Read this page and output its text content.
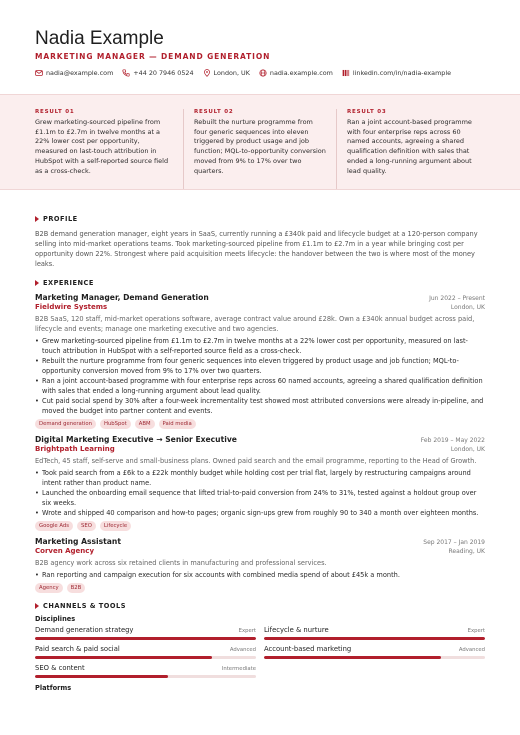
Nadia Example
MARKETING MANAGER — DEMAND GENERATION
nadia@example.com	+44 20 7946 0524	London, UK	nadia.example.com	linkedin.com/in/nadia-example
RESULT 01
Grew marketing-sourced pipeline from £1.1m to £2.7m in twelve months at a 22% lower cost per opportunity, measured on last-touch attribution in HubSpot with a self-reported source field as a cross-check.
RESULT 02
Rebuilt the nurture programme from four generic sequences into eleven triggered by product usage and job function; MQL-to-opportunity conversion moved from 9% to 17% over two quarters.
RESULT 03
Ran a joint account-based programme with four enterprise reps across 60 named accounts, agreeing a shared qualification definition with sales that ended a long-running argument about lead quality.
PROFILE
B2B demand generation manager, eight years in SaaS, currently running a £340k paid and lifecycle budget at a 120-person company selling into mid-market operations teams. Took marketing-sourced pipeline from £1.1m to £2.7m in a year while bringing cost per opportunity down 22%. Strongest where paid acquisition meets lifecycle: the handover between the two is where most of the money leaks.
EXPERIENCE
Marketing Manager, Demand Generation	Jun 2022 – Present
Fieldwire Systems	London, UK
B2B SaaS, 120 staff, mid-market operations software, average contract value around £28k. Own a £340k annual budget across paid, lifecycle and events; manage one marketing executive and two agencies.
• Grew marketing-sourced pipeline from £1.1m to £2.7m in twelve months at a 22% lower cost per opportunity, measured on last-touch attribution in HubSpot with a self-reported source field as a cross-check.
• Rebuilt the nurture programme from four generic sequences into eleven triggered by product usage and job function; MQL-to-opportunity conversion moved from 9% to 17% over two quarters.
• Ran a joint account-based programme with four enterprise reps across 60 named accounts, agreeing a shared qualification definition with sales that ended a long-running argument about lead quality.
• Cut paid social spend by 30% after a four-week incrementality test showed most attributed conversions were already in-pipeline, and moved the budget into partner content and events.
Demand generation	HubSpot	ABM	Paid media
Digital Marketing Executive → Senior Executive	Feb 2019 – May 2022
Brightpath Learning	London, UK
EdTech, 45 staff, self-serve and small-business plans. Owned paid search and the email programme, reporting to the Head of Growth.
• Took paid search from a £6k to a £22k monthly budget while holding cost per trial flat, largely by restructuring campaigns around intent rather than product name.
• Launched the onboarding email sequence that lifted trial-to-paid conversion from 24% to 31%, tested against a holdout group over six weeks.
• Wrote and shipped 40 comparison and how-to pages; organic sign-ups grew from roughly 90 to 340 a month over eighteen months.
Google Ads	SEO	Lifecycle
Marketing Assistant	Sep 2017 – Jan 2019
Corven Agency	Reading, UK
B2B agency work across six retained clients in manufacturing and professional services.
• Ran reporting and campaign execution for six accounts with combined media spend of about £45k a month.
Agency	B2B
CHANNELS & TOOLS
Disciplines
Demand generation strategy	Expert Lifecycle & nurture	Expert
Paid search & paid social	Advanced Account-based marketing	Advanced
SEO & content	Intermediate
Platforms
